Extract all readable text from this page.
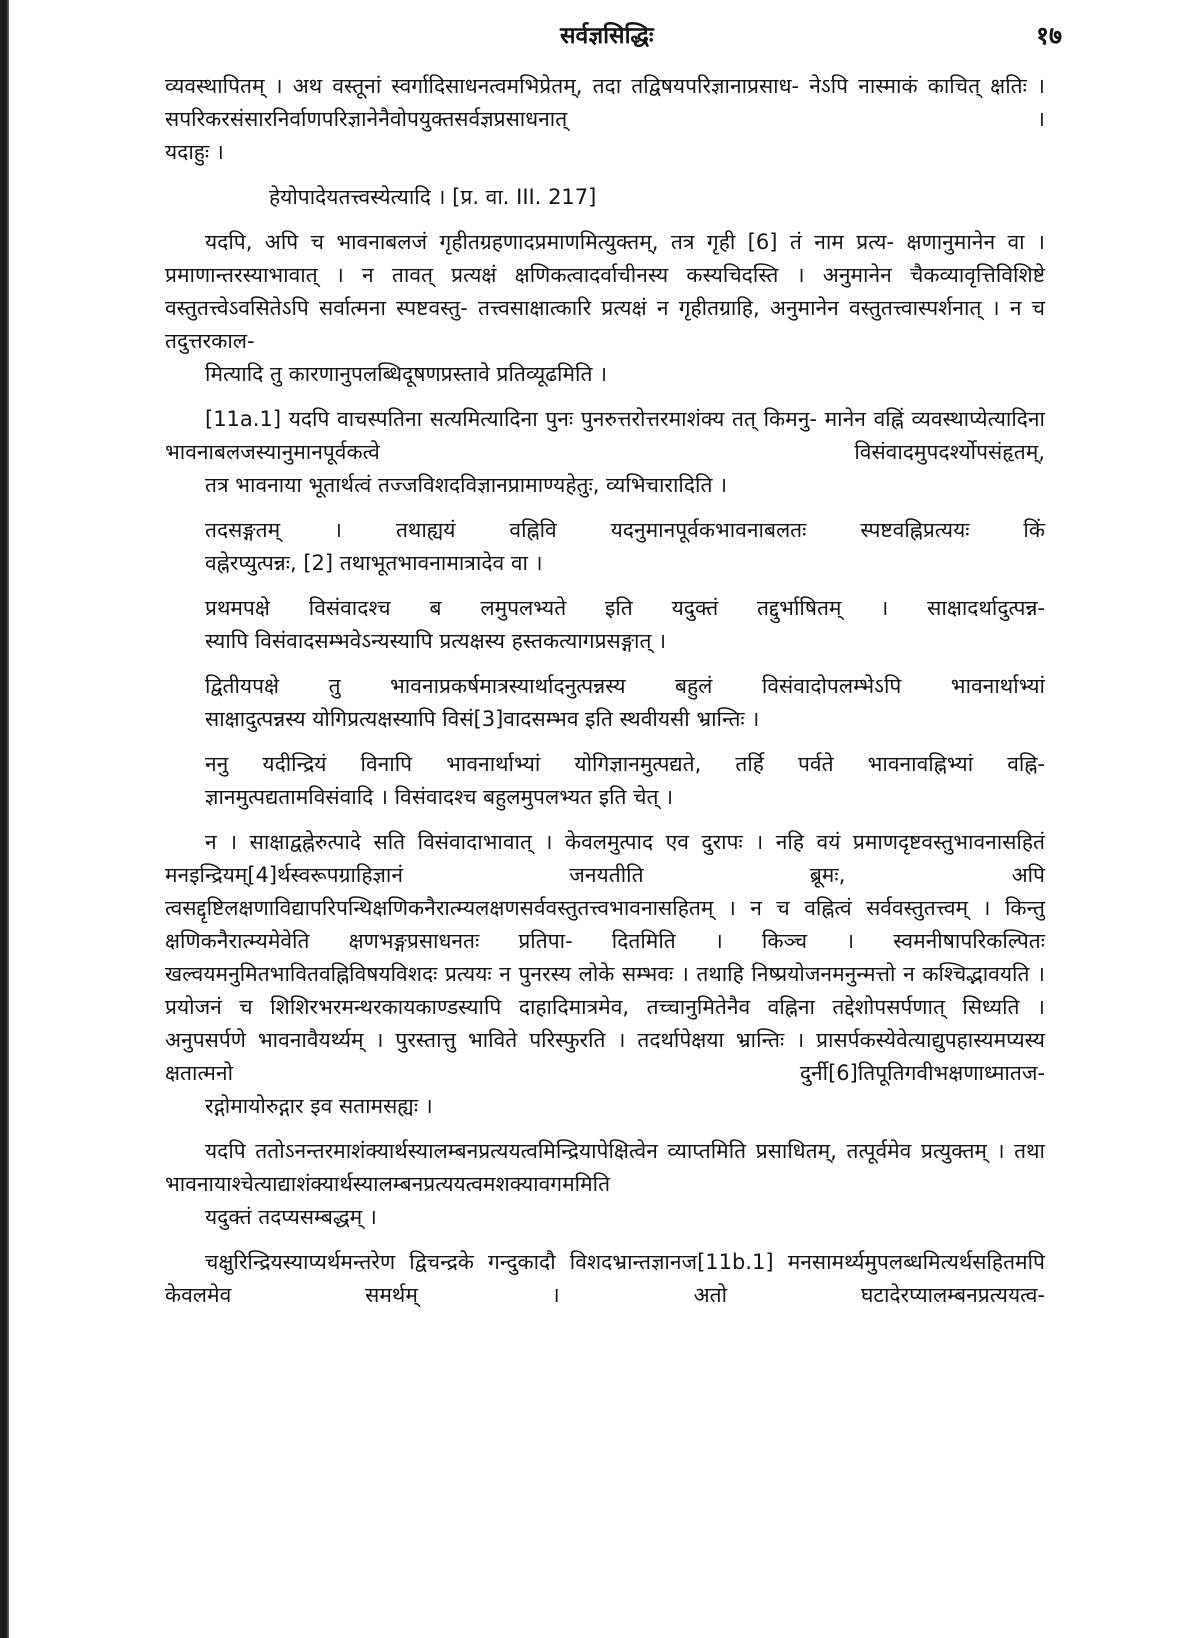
सर्वज्ञसिद्धिः	१७
व्यवस्थापितम् । अथ वस्तूनां स्वर्गादिसाधनत्वमभिप्रेतम्, तदा तद्विषयपरिज्ञानाप्रसाध- नेऽपि नास्माकं काचित् क्षतिः । सपरिकरसंसारनिर्वाणपरिज्ञानेनैवोपयुक्तसर्वज्ञप्रसाधनात् ।
यदाहुः ।
हेयोपादेयतत्त्वस्येत्यादि । [प्र. वा. III. 217]
यदपि, अपि च भावनाबलजं गृहीतग्रहणादप्रमाणमित्युक्तम्, तत्र गृही [6] तं नाम प्रत्य- क्षणानुमानेन वा । प्रमाणान्तरस्याभावात् । न तावत् प्रत्यक्षं क्षणिकत्वादर्वाचीनस्य कस्यचिदस्ति । अनुमानेन चैकव्यावृत्तिविशिष्टे वस्तुतत्त्वेऽवसितेऽपि सर्वात्मना स्पष्टवस्तु- तत्त्वसाक्षात्कारि प्रत्यक्षं न गृहीतग्राहि, अनुमानेन वस्तुतत्त्वास्पर्शनात् । न च तदुत्तरकाल-
मित्यादि तु कारणानुपलब्धिदूषणप्रस्तावे प्रतिव्यूढमिति ।
[11a.1] यदपि वाचस्पतिना सत्यमित्यादिना पुनः पुनरुत्तरोत्तरमाशंक्य तत् किमनु- मानेन वह्निं व्यवस्थाप्येत्यादिना भावनाबलजस्यानुमानपूर्वकत्वे विसंवादमुपदर्श्योपसंहृतम्,
तत्र भावनाया भूतार्थत्वं तज्जविशदविज्ञानप्रामाण्यहेतुः, व्यभिचारादिति ।
तदसङ्गतम् । तथाह्ययं वह्निवि यदनुमानपूर्वकभावनाबलतः स्पष्टवह्निप्रत्ययः किं
वह्नेरप्युत्पन्नः, [2] तथाभूतभावनामात्रादेव वा ।
प्रथमपक्षे विसंवादश्च ब लमुपलभ्यते इति यदुक्तं तद्दुर्भाषितम् । साक्षादर्थादुत्पन्न-
स्यापि विसंवादसम्भवेऽन्यस्यापि प्रत्यक्षस्य हस्तकत्यागप्रसङ्गात् ।
द्वितीयपक्षे तु भावनाप्रकर्षमात्रस्यार्थादनुत्पन्नस्य बहुलं विसंवादोपलम्भेऽपि भावनार्थाभ्यां
साक्षादुत्पन्नस्य योगिप्रत्यक्षस्यापि विसं[3]वादसम्भव इति स्थवीयसी भ्रान्तिः ।
ननु यदीन्द्रियं विनापि भावनार्थाभ्यां योगिज्ञानमुत्पद्यते, तर्हि पर्वते भावनावह्निभ्यां वह्नि-
ज्ञानमुत्पद्यतामविसंवादि । विसंवादश्च बहुलमुपलभ्यत इति चेत् ।
न । साक्षाद्वह्नेरुत्पादे सति विसंवादाभावात् । केवलमुत्पाद एव दुरापः । नहि वयं प्रमाणदृष्टवस्तुभावनासहितं मनइन्द्रियम्[4]र्थस्वरूपग्राहिज्ञानं जनयतीति ब्रूमः,	अपि त्वसद्दृष्टिलक्षणाविद्यापरिपन्थिक्षणिकनैरात्म्यलक्षणसर्ववस्तुतत्त्वभावनासहितम् । न च वह्नित्वं सर्ववस्तुतत्त्वम् । किन्तु क्षणिकनैरात्म्यमेवेति क्षणभङ्गप्रसाधनतः प्रतिपा- दितमिति । किञ्च । स्वमनीषापरिकल्पितः खल्वयमनुमितभावितवह्निविषयविशदः प्रत्ययः न पुनरस्य लोके सम्भवः । तथाहि निष्प्रयोजनमनुन्मत्तो न कश्चिद्भावयति । प्रयोजनं च शिशिरभरमन्थरकायकाण्डस्यापि दाहादिमात्रमेव, तच्चानुमितेनैव वह्निना तद्देशोपसर्पणात् सिध्यति । अनुपसर्पणे भावनावैयर्थ्यम् । पुरस्तात्तु भाविते परिस्फुरति । तदर्थापेक्षया भ्रान्तिः । प्रासर्पकस्येवेत्याद्युपहास्यमप्यस्य क्षतात्मनो दुर्नी[6]तिपूतिगवीभक्षणाध्मातज-
रद्गोमायोरुद्गार इव सतामसह्यः ।
यदपि ततोऽनन्तरमाशंक्यार्थस्यालम्बनप्रत्ययत्वमिन्द्रियापेक्षित्वेन व्याप्तमिति प्रसाधितम्, तत्पूर्वमेव प्रत्युक्तम् । तथा भावनायाश्चेत्याद्याशंक्यार्थस्यालम्बनप्रत्ययत्वमशक्यावगममिति
यदुक्तं तदप्यसम्बद्धम् ।
चक्षुरिन्द्रियस्याप्यर्थमन्तरेण द्विचन्द्रके गन्दुकादौ विशदभ्रान्तज्ञानज[11b.1] मनसामर्थ्यमुपलब्धमित्यर्थसहितमपि केवलमेव समर्थम् । अतो घटादेरप्यालम्बनप्रत्ययत्व-
